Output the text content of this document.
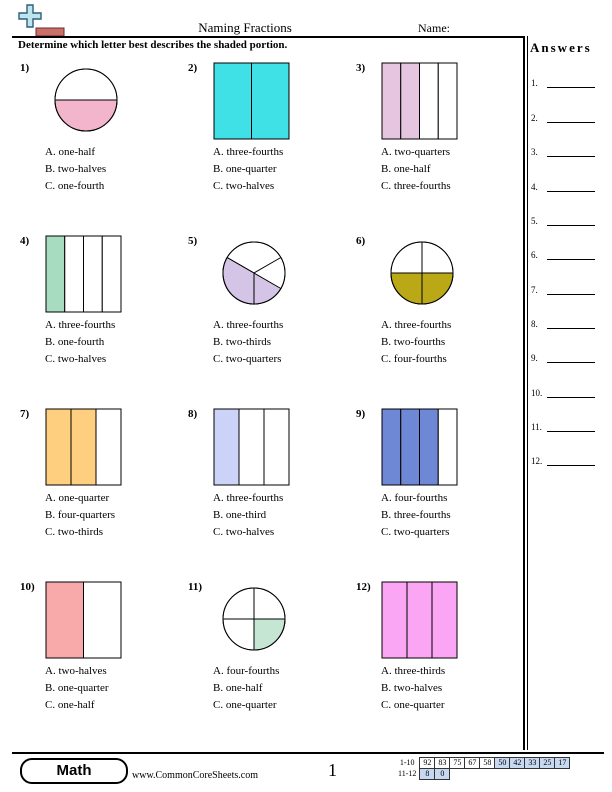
Naming Fractions	Name:
Determine which letter best describes the shaded portion.	Answers
1.
2.
3.
4.
5.
6.
7.
8.
9.
10.
11.
12.
1)
A. one-half
B. two-halves
C. one-fourth
2)
A. three-fourths
B. one-quarter
C. two-halves
3)
A. two-quarters
B. one-half
C. three-fourths
4)
A. three-fourths
B. one-fourth
C. two-halves
5)
A. three-fourths
B. two-thirds
C. two-quarters
6)
A. three-fourths
B. two-fourths
C. four-fourths
7)
A. one-quarter
B. four-quarters
C. two-thirds
8)
A. three-fourths
B. one-third
C. two-halves
9)
A. four-fourths
B. three-fourths
C. two-quarters
10)
A. two-halves
B. one-quarter
C. one-half
11)
A. four-fourths
B. one-half
C. one-quarter
12)
A. three-thirds
B. two-halves
C. one-quarter
Math	www.CommonCoreSheets.com	1	1-10	92	83	75	67	58	50	42	33	25	17
11-12	8	0								
